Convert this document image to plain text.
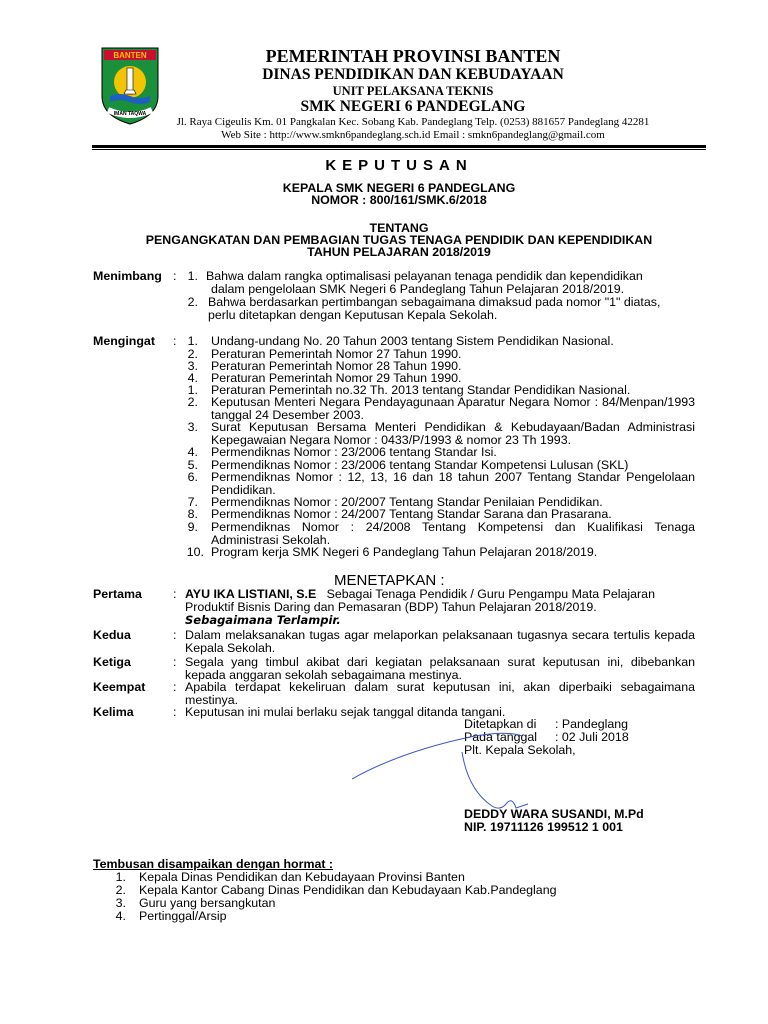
BANTEN
IMAN TAQWA
PEMERINTAH PROVINSI BANTEN
DINAS PENDIDIKAN DAN KEBUDAYAAN
UNIT PELAKSANA TEKNIS
SMK NEGERI 6 PANDEGLANG
Jl. Raya Cigeulis Km. 01 Pangkalan Kec. Sobang Kab. Pandeglang Telp. (0253) 881657 Pandeglang 42281
Web Site : http://www.smkn6pandeglang.sch.id Email : smkn6pandeglang@gmail.com
KEPUTUSAN
KEPALA SMK NEGERI 6 PANDEGLANG
NOMOR : 800/161/SMK.6/2018
TENTANG
PENGANGKATAN DAN PEMBAGIAN TUGAS TENAGA PENDIDIK DAN KEPENDIDIKAN
TAHUN PELAJARAN 2018/2019
Menimbang : 1. Bahwa dalam rangka optimalisasi pelayanan tenaga pendidik dan kependidikan
dalam pengelolaan SMK Negeri 6 Pandeglang Tahun Pelajaran 2018/2019.
2. Bahwa berdasarkan pertimbangan sebagaimana dimaksud pada nomor "1" diatas,
perlu ditetapkan dengan Keputusan Kepala Sekolah.
Mengingat : 1. Undang-undang No. 20 Tahun 2003 tentang Sistem Pendidikan Nasional.
2. Peraturan Pemerintah Nomor 27 Tahun 1990.
3. Peraturan Pemerintah Nomor 28 Tahun 1990.
4. Peraturan Pemerintah Nomor 29 Tahun 1990.
1. Peraturan Pemerintah no.32 Th. 2013 tentang Standar Pendidikan Nasional.
2. Keputusan Menteri Negara Pendayagunaan Aparatur Negara Nomor : 84/Menpan/1993 tanggal 24 Desember 2003.
3. Surat Keputusan Bersama Menteri Pendidikan & Kebudayaan/Badan Administrasi Kepegawaian Negara Nomor : 0433/P/1993 & nomor 23 Th 1993.
4. Permendiknas Nomor : 23/2006 tentang Standar Isi.
5. Permendiknas Nomor : 23/2006 tentang Standar Kompetensi Lulusan (SKL)
6. Permendiknas Nomor : 12, 13, 16 dan 18 tahun 2007 Tentang Standar Pengelolaan Pendidikan.
7. Permendiknas Nomor : 20/2007 Tentang Standar Penilaian Pendidikan.
8. Permendiknas Nomor : 24/2007 Tentang Standar Sarana dan Prasarana.
9. Permendiknas Nomor : 24/2008 Tentang Kompetensi dan Kualifikasi Tenaga Administrasi Sekolah.
10. Program kerja SMK Negeri 6 Pandeglang Tahun Pelajaran 2018/2019.
MENETAPKAN :
Pertama	: AYU IKA LISTIANI, S.E Sebagai Tenaga Pendidik / Guru Pengampu Mata Pelajaran
Produktif Bisnis Daring dan Pemasaran (BDP) Tahun Pelajaran 2018/2019.
Sebagaimana Terlampir.
Kedua	: Dalam melaksanakan tugas agar melaporkan pelaksanaan tugasnya secara tertulis kepada Kepala Sekolah.
Ketiga	: Segala yang timbul akibat dari kegiatan pelaksanaan surat keputusan ini, dibebankan kepada anggaran sekolah sebagaimana mestinya.
Keempat : Apabila terdapat kekeliruan dalam surat keputusan ini, akan diperbaiki sebagaimana mestinya.
Kelima	: Keputusan ini mulai berlaku sejak tanggal ditanda tangani.
Ditetapkan di : Pandeglang
Pada tanggal : 02 Juli 2018
Plt. Kepala Sekolah,
DEDDY WARA SUSANDI, M.Pd
NIP. 19711126 199512 1 001
Tembusan disampaikan dengan hormat :
1. Kepala Dinas Pendidikan dan Kebudayaan Provinsi Banten
2. Kepala Kantor Cabang Dinas Pendidikan dan Kebudayaan Kab.Pandeglang
3. Guru yang bersangkutan
4. Pertinggal/Arsip
